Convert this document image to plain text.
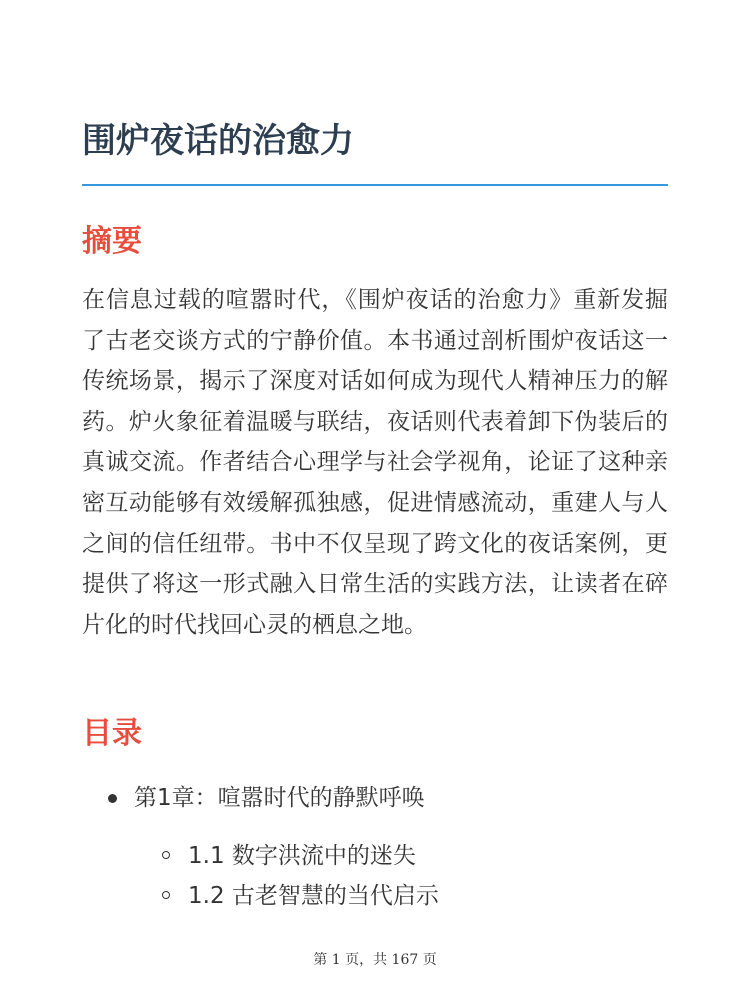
围炉夜话的治愈力
摘要

在信息过载的喧嚣时代，《围炉夜话的治愈力》重新发掘了古老交谈方式的宁静价值。本书通过剖析围炉夜话这一传统场景，揭示了深度对话如何成为现代人精神压力的解药。炉火象征着温暖与联结，夜话则代表着卸下伪装后的真诚交流。作者结合心理学与社会学视角，论证了这种亲密互动能够有效缓解孤独感，促进情感流动，重建人与人之间的信任纽带。书中不仅呈现了跨文化的夜话案例，更提供了将这一形式融入日常生活的实践方法，让读者在碎片化的时代找回心灵的栖息之地。

目录
第1章：喧嚣时代的静默呼唤
1.1 数字洪流中的迷失
1.2 古老智慧的当代启示
第 1 页，共 167 页
